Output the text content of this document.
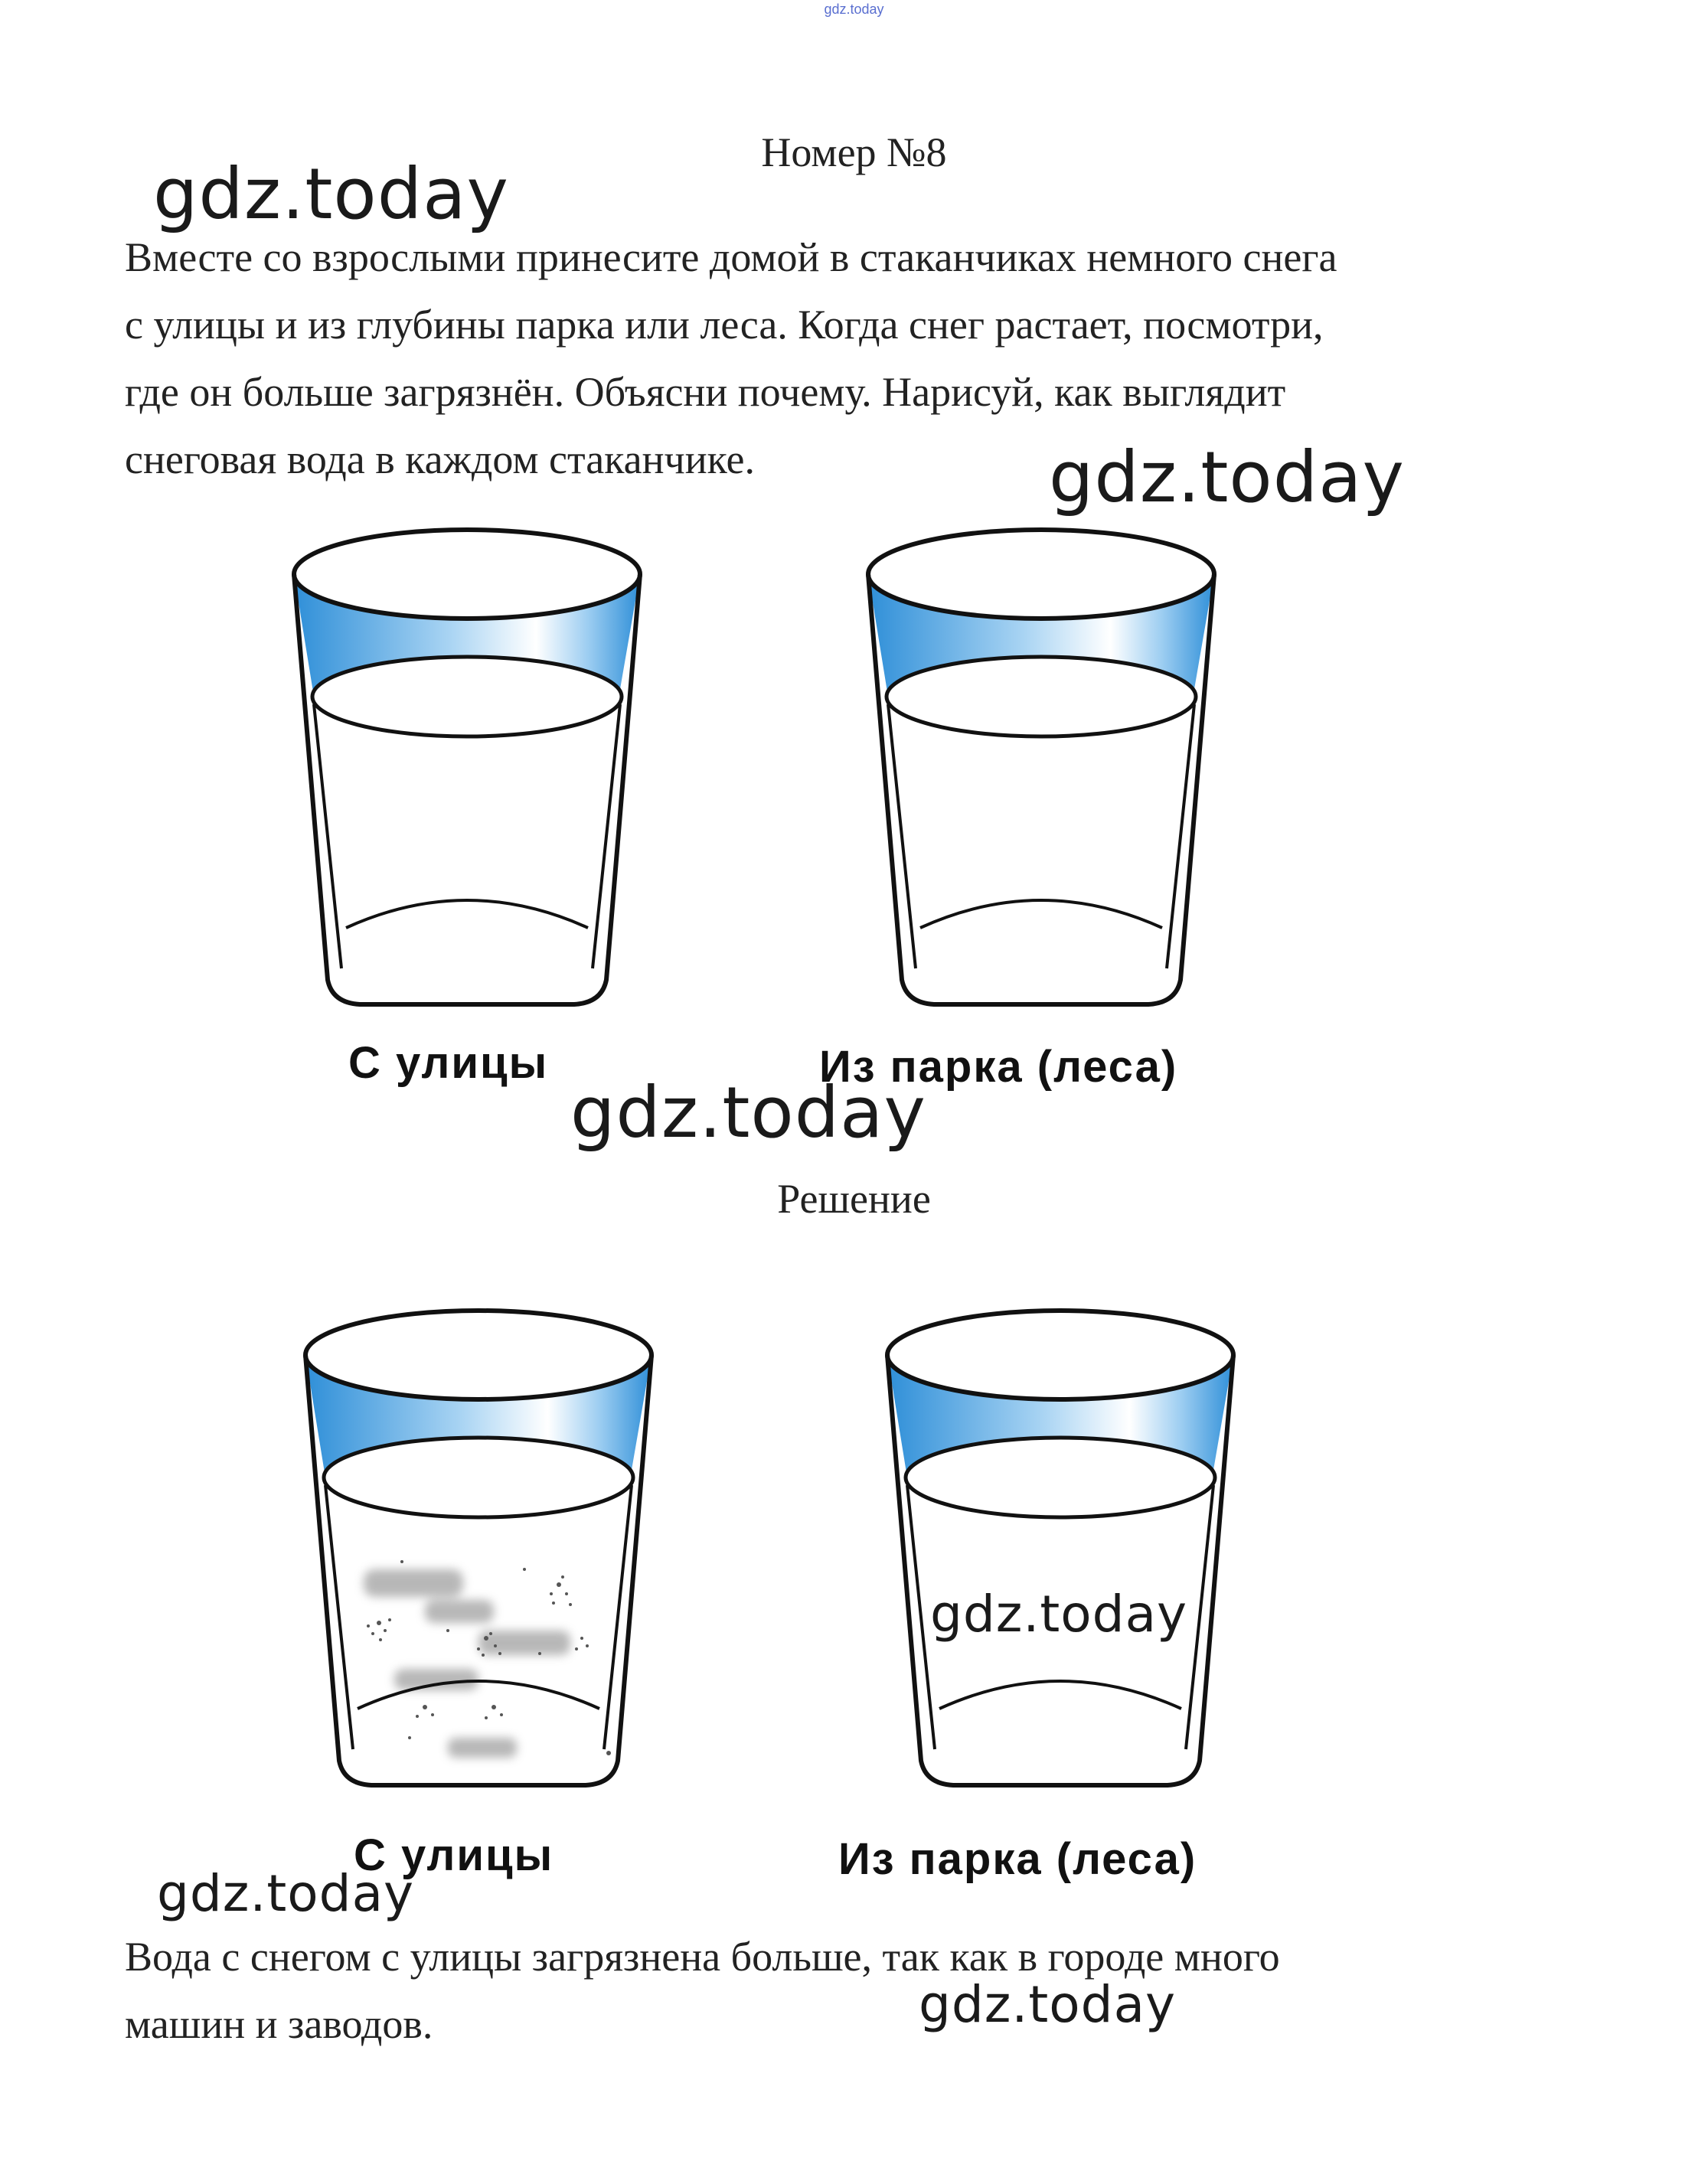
gdz.today
Номер №8
Вместе со взрослыми принесите домой в стаканчиках немного снега
с улицы и из глубины парка или леса. Когда снег растает, посмотри,
где он больше загрязнён. Объясни почему. Нарисуй, как выглядит
снеговая вода в каждом стаканчике.
gdz.today
gdz.today
gdz.today
gdz.today
gdz.today
gdz.today
С улицы	Из парка (леса)
Решение
С улицы	Из парка (леса)
Вода с снегом с улицы загрязнена больше, так как в городе много
машин и заводов.
